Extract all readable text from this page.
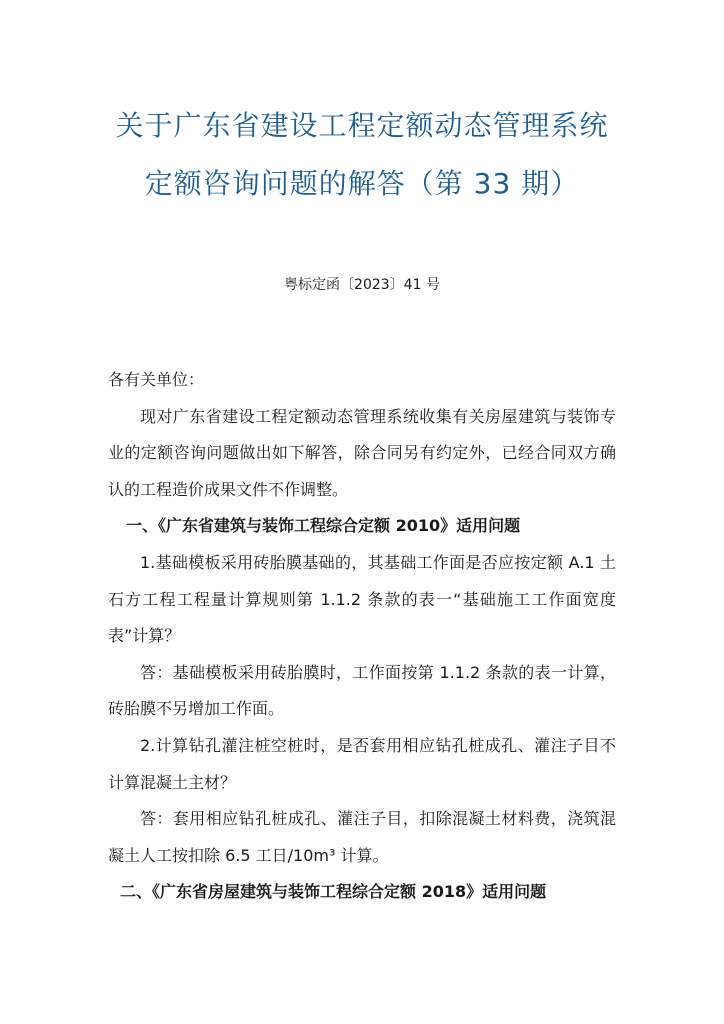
关于广东省建设工程定额动态管理系统
定额咨询问题的解答（第 33 期）
粤标定函〔2023〕41 号

各有关单位：

现对广东省建设工程定额动态管理系统收集有关房屋建筑与装饰专业的定额咨询问题做出如下解答，除合同另有约定外，已经合同双方确认的工程造价成果文件不作调整。

一、《广东省建筑与装饰工程综合定额 2010》适用问题

1.基础模板采用砖胎膜基础的，其基础工作面是否应按定额 A.1 土石方工程工程量计算规则第 1.1.2 条款的表一“基础施工工作面宽度表”计算？

答：基础模板采用砖胎膜时，工作面按第 1.1.2 条款的表一计算，砖胎膜不另增加工作面。

2.计算钻孔灌注桩空桩时，是否套用相应钻孔桩成孔、灌注子目不计算混凝土主材？

答：套用相应钻孔桩成孔、灌注子目，扣除混凝土材料费，浇筑混凝土人工按扣除 6.5 工日/10m³ 计算。

二、《广东省房屋建筑与装饰工程综合定额 2018》适用问题
